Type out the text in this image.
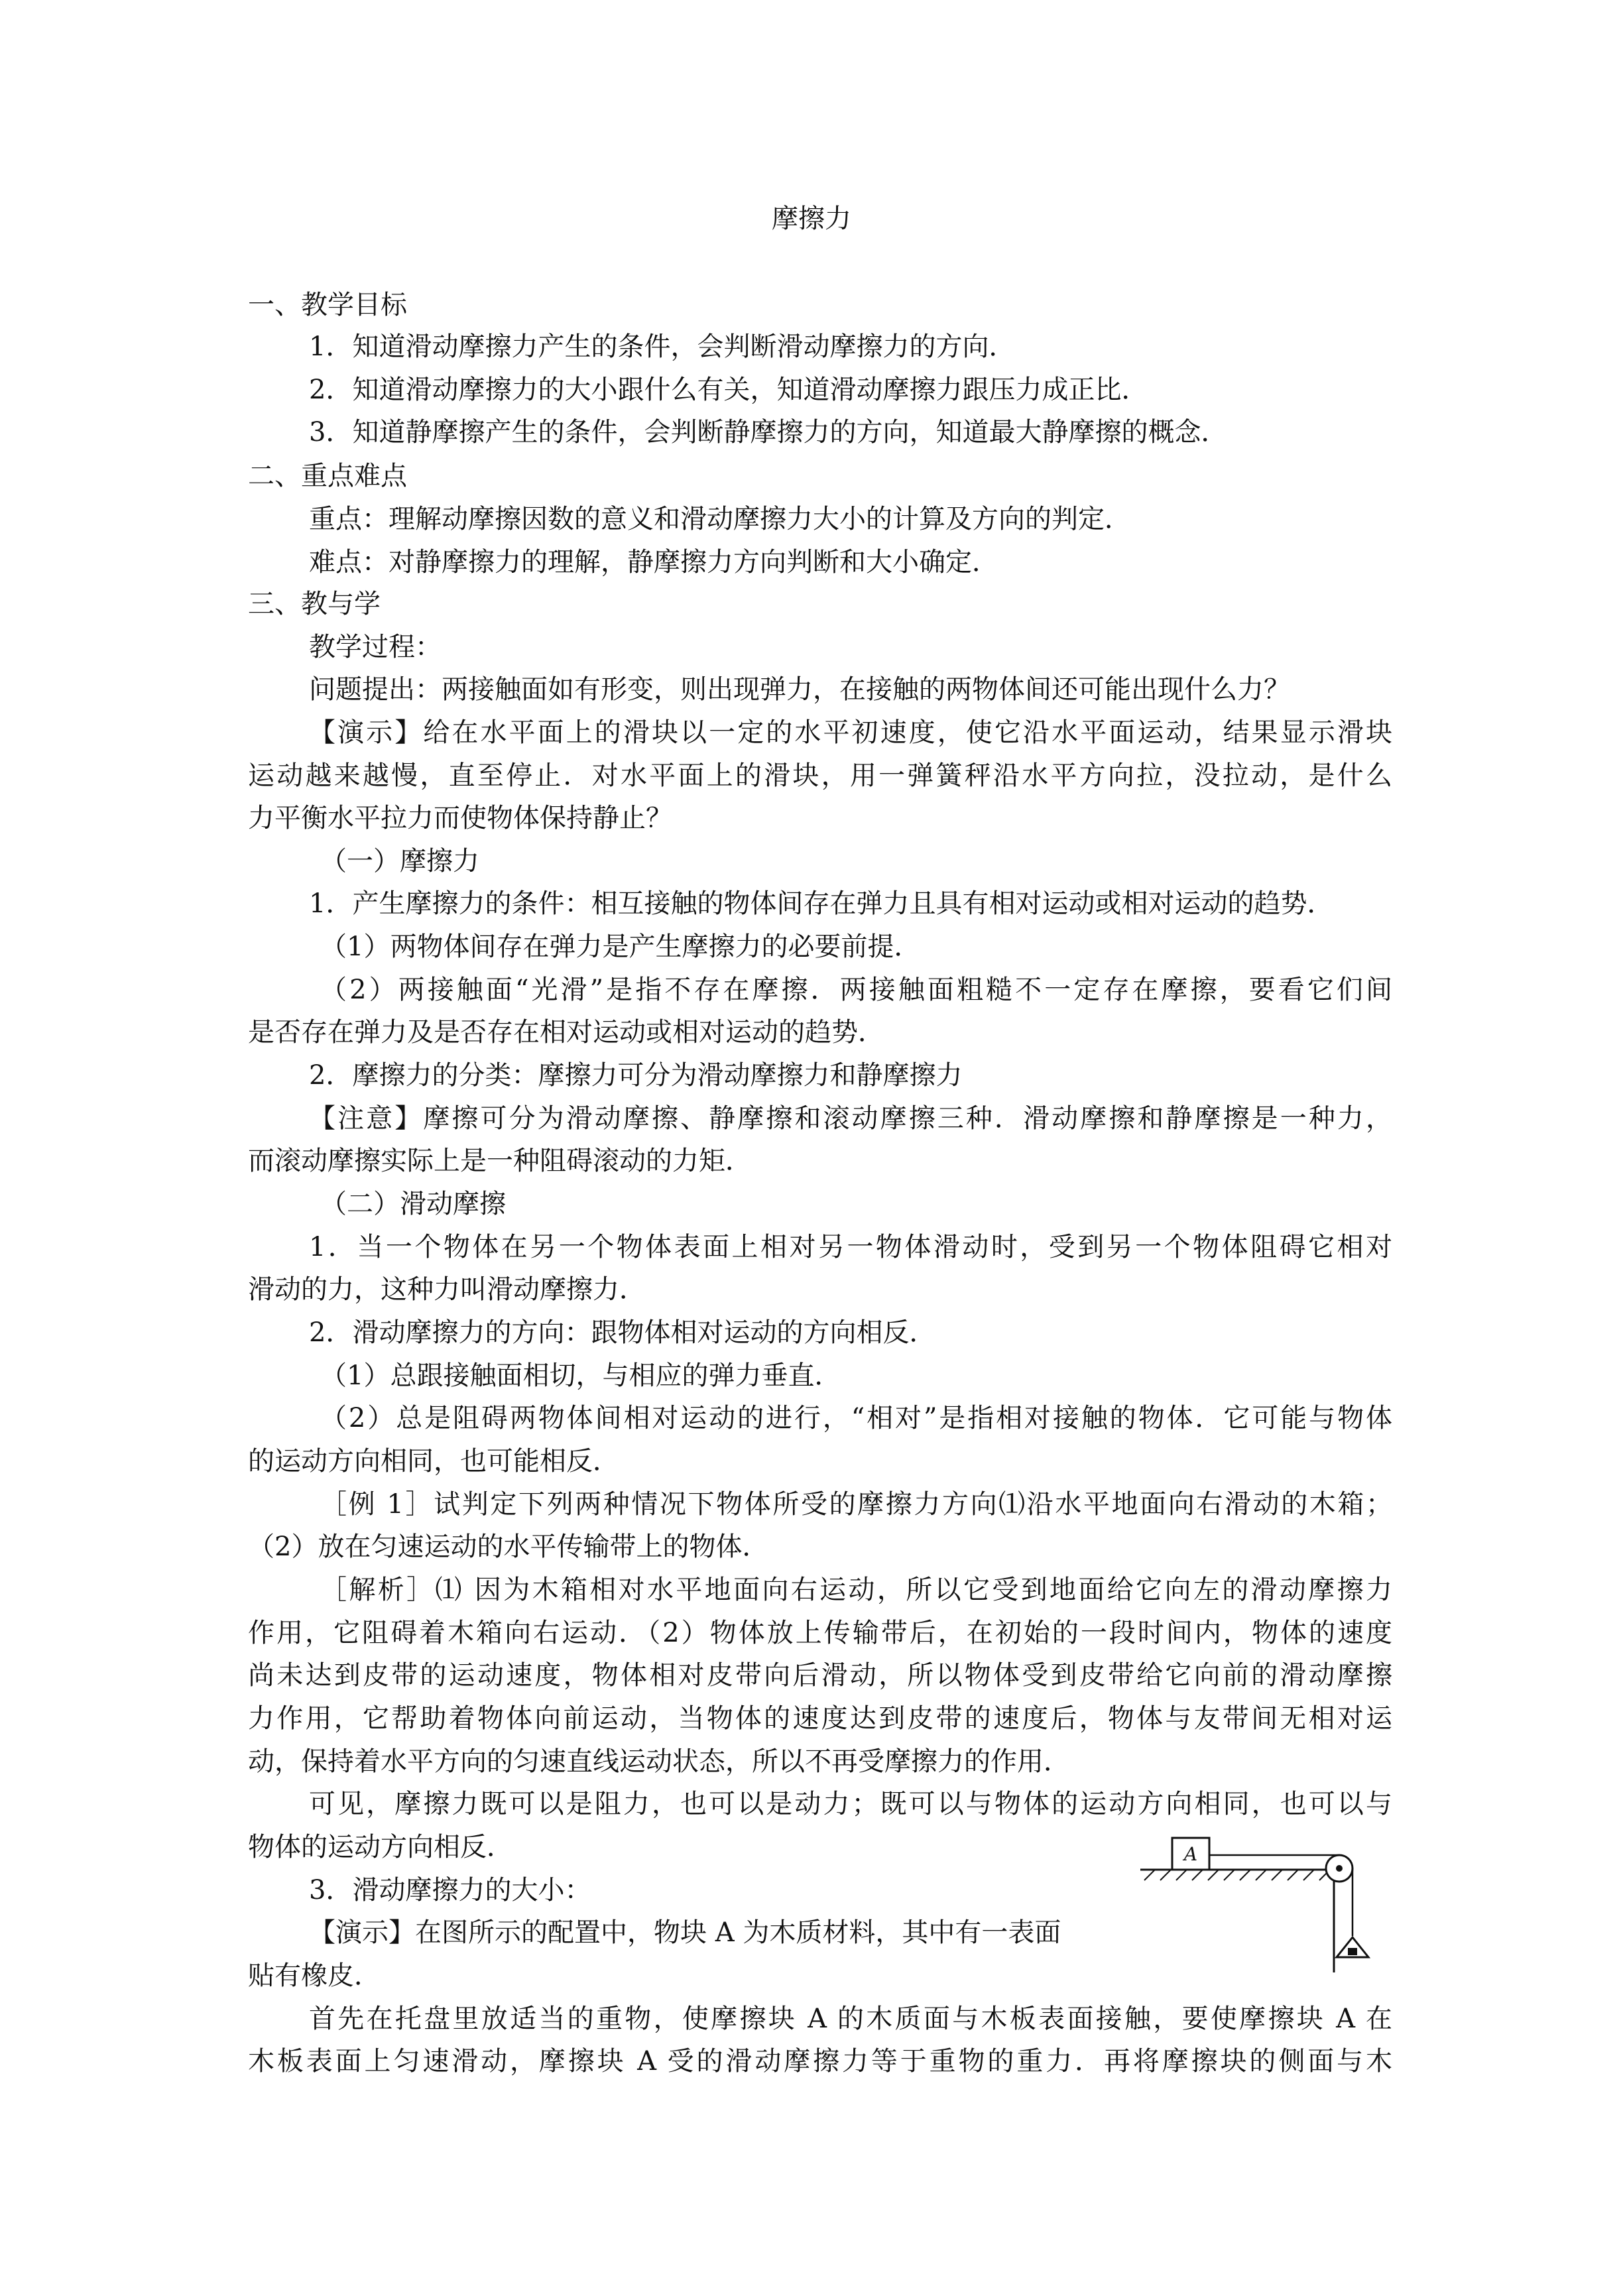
摩擦力
一、教学目标
1．知道滑动摩擦力产生的条件，会判断滑动摩擦力的方向．
2．知道滑动摩擦力的大小跟什么有关，知道滑动摩擦力跟压力成正比．
3．知道静摩擦产生的条件，会判断静摩擦力的方向，知道最大静摩擦的概念．
二、重点难点
重点：理解动摩擦因数的意义和滑动摩擦力大小的计算及方向的判定．
难点：对静摩擦力的理解，静摩擦力方向判断和大小确定．
三、教与学
教学过程：
问题提出：两接触面如有形变，则出现弹力，在接触的两物体间还可能出现什么力？
【演示】给在水平面上的滑块以一定的水平初速度，使它沿水平面运动，结果显示滑块
运动越来越慢，直至停止．对水平面上的滑块，用一弹簧秤沿水平方向拉，没拉动，是什么
力平衡水平拉力而使物体保持静止？
（一）摩擦力
1．产生摩擦力的条件：相互接触的物体间存在弹力且具有相对运动或相对运动的趋势．
（1）两物体间存在弹力是产生摩擦力的必要前提．
（2）两接触面“光滑”是指不存在摩擦．两接触面粗糙不一定存在摩擦，要看它们间
是否存在弹力及是否存在相对运动或相对运动的趋势．
2．摩擦力的分类：摩擦力可分为滑动摩擦力和静摩擦力
【注意】摩擦可分为滑动摩擦、静摩擦和滚动摩擦三种．滑动摩擦和静摩擦是一种力，
而滚动摩擦实际上是一种阻碍滚动的力矩．
（二）滑动摩擦
1．当一个物体在另一个物体表面上相对另一物体滑动时，受到另一个物体阻碍它相对
滑动的力，这种力叫滑动摩擦力．
2．滑动摩擦力的方向：跟物体相对运动的方向相反．
（1）总跟接触面相切，与相应的弹力垂直．
（2）总是阻碍两物体间相对运动的进行，“相对”是指相对接触的物体．它可能与物体
的运动方向相同，也可能相反．
［例 1］试判定下列两种情况下物体所受的摩擦力方向⑴沿水平地面向右滑动的木箱；
（2）放在匀速运动的水平传输带上的物体．
［解析］⑴ 因为木箱相对水平地面向右运动，所以它受到地面给它向左的滑动摩擦力
作用，它阻碍着木箱向右运动．（2）物体放上传输带后，在初始的一段时间内，物体的速度
尚未达到皮带的运动速度，物体相对皮带向后滑动，所以物体受到皮带给它向前的滑动摩擦
力作用，它帮助着物体向前运动，当物体的速度达到皮带的速度后，物体与友带间无相对运
动，保持着水平方向的匀速直线运动状态，所以不再受摩擦力的作用．
可见，摩擦力既可以是阻力，也可以是动力；既可以与物体的运动方向相同，也可以与
物体的运动方向相反．
3．滑动摩擦力的大小：
【演示】在图所示的配置中，物块 A 为木质材料，其中有一表面
贴有橡皮．
首先在托盘里放适当的重物，使摩擦块 A 的木质面与木板表面接触，要使摩擦块 A 在
木板表面上匀速滑动，摩擦块 A 受的滑动摩擦力等于重物的重力．再将摩擦块的侧面与木
A
